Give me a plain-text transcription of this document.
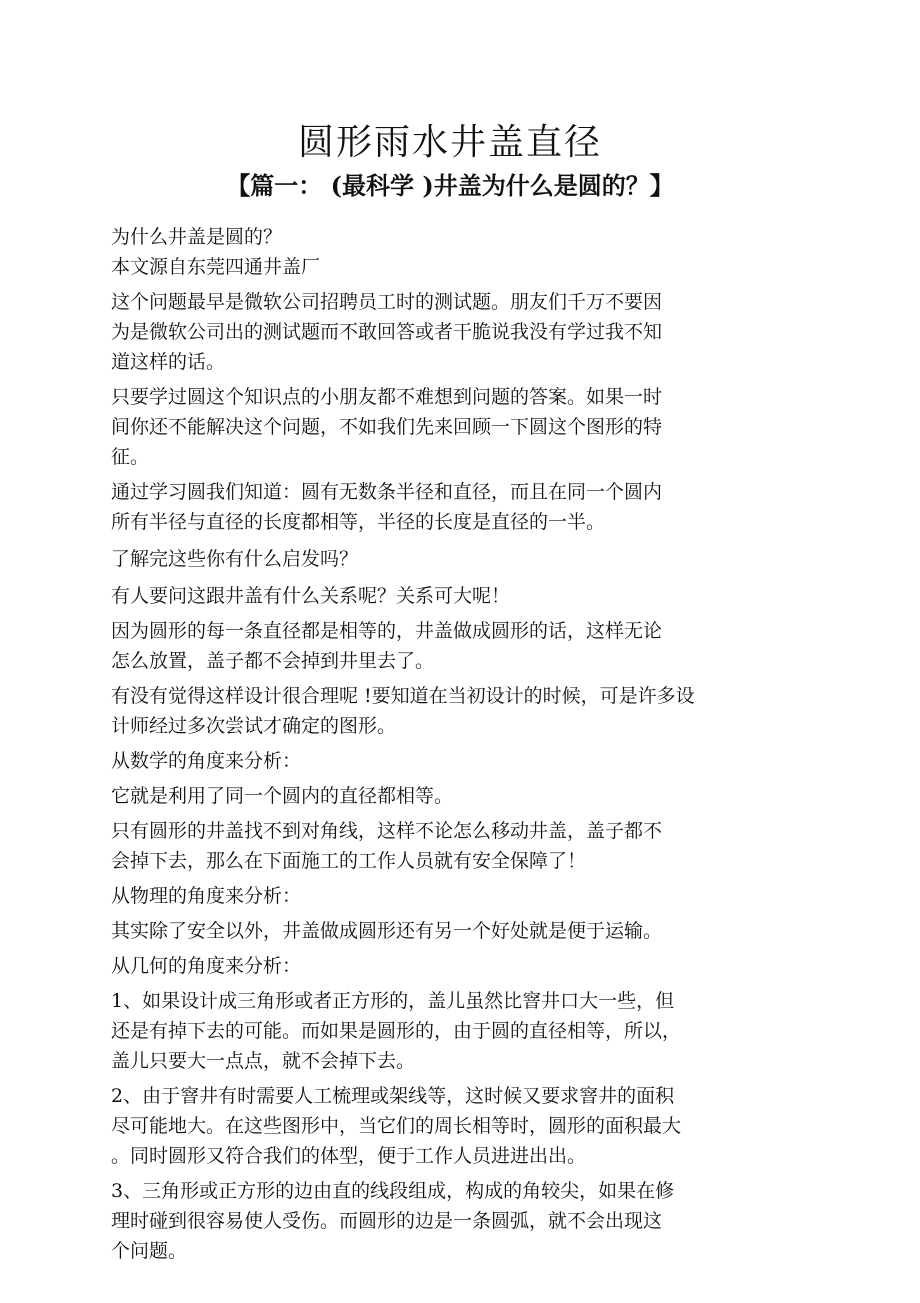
圆形雨水井盖直径
【篇一： (最科学 )井盖为什么是圆的？】
为什么井盖是圆的？
本文源自东莞四通井盖厂
这个问题最早是微软公司招聘员工时的测试题。朋友们千万不要因
为是微软公司出的测试题而不敢回答或者干脆说我没有学过我不知
道这样的话。
只要学过圆这个知识点的小朋友都不难想到问题的答案。如果一时
间你还不能解决这个问题，不如我们先来回顾一下圆这个图形的特
征。
通过学习圆我们知道：圆有无数条半径和直径，而且在同一个圆内
所有半径与直径的长度都相等，半径的长度是直径的一半。
了解完这些你有什么启发吗？
有人要问这跟井盖有什么关系呢？关系可大呢！
因为圆形的每一条直径都是相等的，井盖做成圆形的话，这样无论
怎么放置，盖子都不会掉到井里去了。
有没有觉得这样设计很合理呢 !要知道在当初设计的时候，可是许多设
计师经过多次尝试才确定的图形。
从数学的角度来分析：
它就是利用了同一个圆内的直径都相等。
只有圆形的井盖找不到对角线，这样不论怎么移动井盖，盖子都不
会掉下去，那么在下面施工的工作人员就有安全保障了！
从物理的角度来分析：
其实除了安全以外，井盖做成圆形还有另一个好处就是便于运输。
从几何的角度来分析：
1、如果设计成三角形或者正方形的，盖儿虽然比窨井口大一些，但
还是有掉下去的可能。而如果是圆形的，由于圆的直径相等，所以，
盖儿只要大一点点，就不会掉下去。
2、由于窨井有时需要人工梳理或架线等，这时候又要求窨井的面积
尽可能地大。在这些图形中，当它们的周长相等时，圆形的面积最大
。同时圆形又符合我们的体型，便于工作人员进进出出。
3、三角形或正方形的边由直的线段组成，构成的角较尖，如果在修
理时碰到很容易使人受伤。而圆形的边是一条圆弧，就不会出现这
个问题。
